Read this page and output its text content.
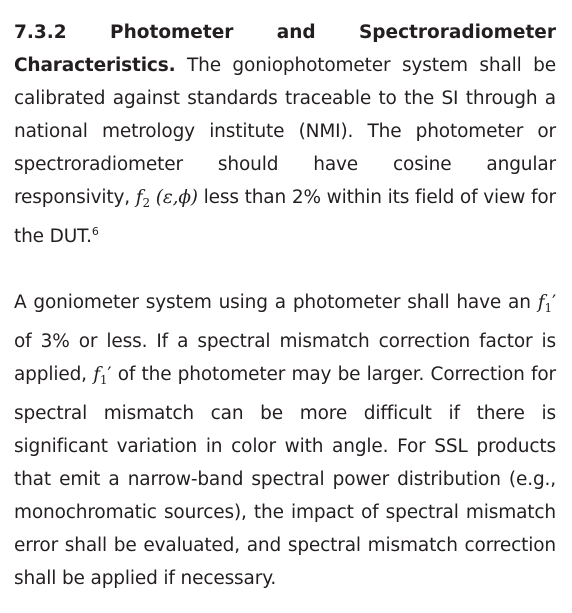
7.3.2 Photometer and Spectroradiometer

Characteristics. The goniophotometer system shall be calibrated against standards traceable to the SI through a national metrology institute (NMI). The photometer or spectroradiometer should have cosine angular responsivity, $f_2$ (ε,ϕ) less than 2% within its field of view for the DUT.$^6$

A goniometer system using a photometer shall have an $f_1'$ of 3% or less. If a spectral mismatch correction factor is applied, $f_1'$ of the photometer may be larger. Correction for spectral mismatch can be more difficult if there is significant variation in color with angle. For SSL products that emit a narrow-band spectral power distribution (e.g., monochromatic sources), the impact of spectral mismatch error shall be evaluated, and spectral mismatch correction shall be applied if necessary.
